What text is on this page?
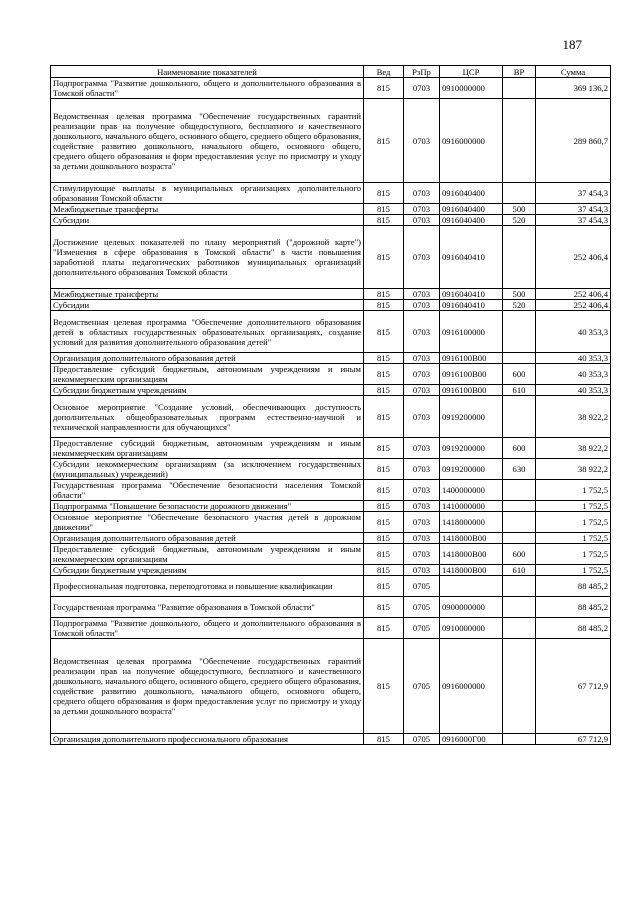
187
Наименование показателей	Вед	РзПр	ЦСР	ВР	Сумма
Подпрограмма "Развитие дошкольного, общего и дополнительного образования в Томской области"	815	0703	0910000000		369 136,2
Ведомственная целевая программа "Обеспечение государственных гарантий реализации прав на получение общедоступного, бесплатного и качественного дошкольного, начального общего, основного общего, среднего общего образования, содействие развитию дошкольного, начального общего, основного общего, среднего общего образования и форм предоставления услуг по присмотру и уходу за детьми дошкольного возраста"	815	0703	0916000000		289 860,7
Стимулирующие выплаты в муниципальных организациях дополнительного образования Томской области	815	0703	0916040400		37 454,3
Межбюджетные трансферты	815	0703	0916040400	500	37 454,3
Субсидии	815	0703	0916040400	520	37 454,3
Достижение целевых показателей по плану мероприятий ("дорожной карте") "Изменения в сфере образования в Томской области" в части повышения заработной платы педагогических работников муниципальных организаций дополнительного образования Томской области	815	0703	0916040410		252 406,4
Межбюджетные трансферты	815	0703	0916040410	500	252 406,4
Субсидии	815	0703	0916040410	520	252 406,4
Ведомственная целевая программа "Обеспечение дополнительного образования детей в областных государственных образовательных организациях, создание условий для развития дополнительного образования детей"	815	0703	0916100000		40 353,3
Организация дополнительного образования детей	815	0703	0916100В00		40 353,3
Предоставление субсидий бюджетным, автономным учреждениям и иным некоммерческим организациям	815	0703	0916100В00	600	40 353,3
Субсидии бюджетным учреждениям	815	0703	0916100В00	610	40 353,3
Основное мероприятие "Создание условий, обеспечивающих доступность дополнительных общеобразовательных программ естественно-научной и технической направленности для обучающихся"	815	0703	0919200000		38 922,2
Предоставление субсидий бюджетным, автономным учреждениям и иным некоммерческим организациям	815	0703	0919200000	600	38 922,2
Субсидии некоммерческим организациям (за исключением государственных (муниципальных) учреждений)	815	0703	0919200000	630	38 922,2
Государственная программа "Обеспечение безопасности населения Томской области"	815	0703	1400000000		1 752,5
Подпрограмма "Повышение безопасности дорожного движения"	815	0703	1410000000		1 752,5
Основное мероприятие "Обеспечение безопасного участия детей в дорожном движении"	815	0703	1418000000		1 752,5
Организация дополнительного образования детей	815	0703	1418000В00		1 752,5
Предоставление субсидий бюджетным, автономным учреждениям и иным некоммерческим организациям	815	0703	1418000В00	600	1 752,5
Субсидии бюджетным учреждениям	815	0703	1418000В00	610	1 752,5
Профессиональная подготовка, переподготовка и повышение квалификации	815	0705			88 485,2
Государственная программа "Развитие образования в Томской области"	815	0705	0900000000		88 485,2
Подпрограмма "Развитие дошкольного, общего и дополнительного образования в Томской области"	815	0705	0910000000		88 485,2
Ведомственная целевая программа "Обеспечение государственных гарантий реализации прав на получение общедоступного, бесплатного и качественного дошкольного, начального общего, основного общего, среднего общего образования, содействие развитию дошкольного, начального общего, основного общего, среднего общего образования и форм предоставления услуг по присмотру и уходу за детьми дошкольного возраста"	815	0705	0916000000		67 712,9
Организация дополнительного профессионального образования	815	0705	0916000Г00		67 712,9
